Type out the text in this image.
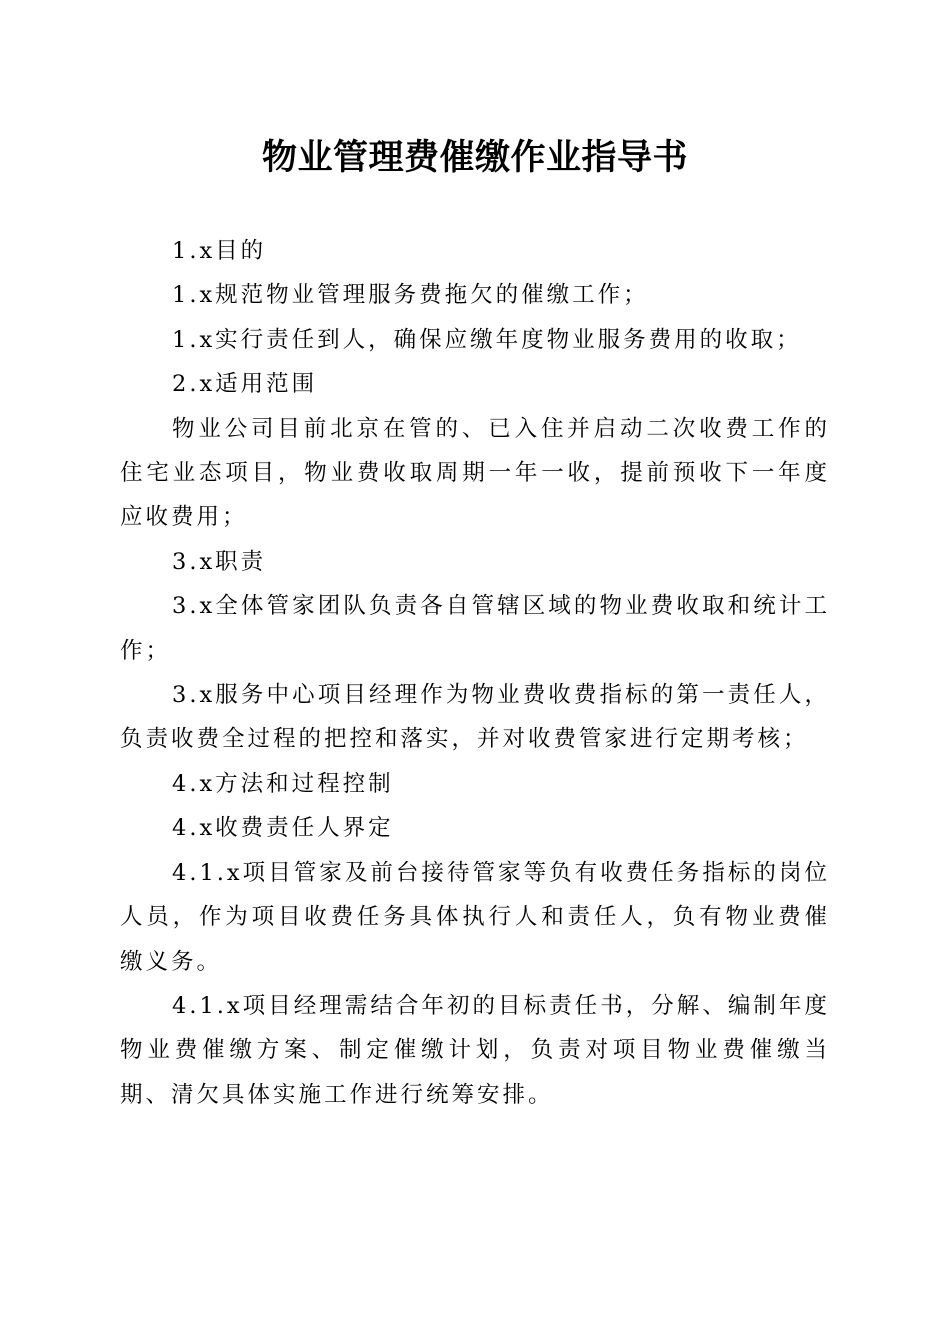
物业管理费催缴作业指导书

1.x目的

1.x规范物业管理服务费拖欠的催缴工作；

1.x实行责任到人，确保应缴年度物业服务费用的收取；

2.x适用范围

物业公司目前北京在管的、已入住并启动二次收费工作的住宅业态项目，物业费收取周期一年一收，提前预收下一年度应收费用；

3.x职责

3.x全体管家团队负责各自管辖区域的物业费收取和统计工作；

3.x服务中心项目经理作为物业费收费指标的第一责任人，负责收费全过程的把控和落实，并对收费管家进行定期考核；

4.x方法和过程控制

4.x收费责任人界定

4.1.x项目管家及前台接待管家等负有收费任务指标的岗位人员，作为项目收费任务具体执行人和责任人，负有物业费催缴义务。

4.1.x项目经理需结合年初的目标责任书，分解、编制年度物业费催缴方案、制定催缴计划，负责对项目物业费催缴当期、清欠具体实施工作进行统筹安排。
